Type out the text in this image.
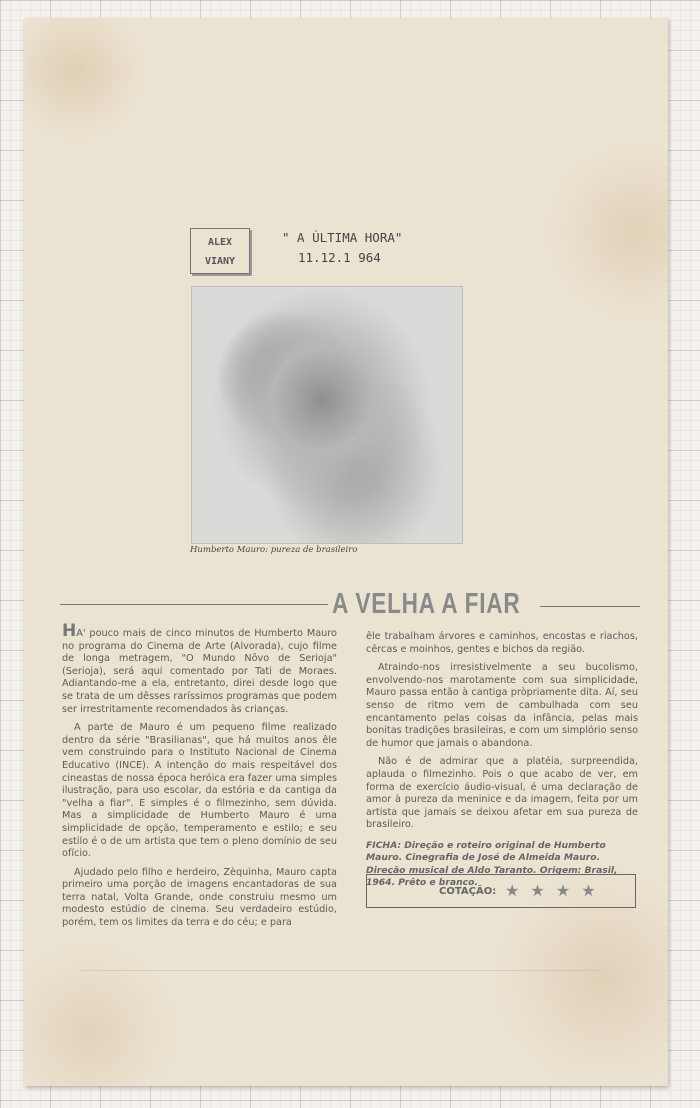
ALEX
VIANY
" A ÚLTIMA HORA"
11.12.1 964
Humberto Mauro: pureza de brasileiro
A VELHA A FIAR

HA' pouco mais de cinco minutos de Humberto Mauro no programa do Cinema de Arte (Alvorada), cujo filme de longa metragem, "O Mundo Nôvo de Serioja" (Serioja), será aqui comentado por Tati de Moraes. Adiantando-me a ela, entretanto, direi desde logo que se trata de um dêsses raríssimos programas que podem ser irrestritamente recomendados às crianças.

A parte de Mauro é um pequeno filme realizado dentro da série "Brasilianas", que há muitos anos êle vem construindo para o Instituto Nacional de Cinema Educativo (INCE). A intenção do mais respeitável dos cineastas de nossa época heróica era fazer uma simples ilustração, para uso escolar, da estória e da cantiga da "velha a fiar". E simples é o filmezinho, sem dúvida. Mas a simplicidade de Humberto Mauro é uma simplicidade de opção, temperamento e estilo; e seu estilo é o de um artista que tem o pleno domínio de seu ofício.

Ajudado pelo filho e herdeiro, Zèquinha, Mauro capta primeiro uma porção de imagens encantadoras de sua terra natal, Volta Grande, onde construiu mesmo um modesto estúdio de cinema. Seu verdadeiro estúdio, porém, tem os limites da terra e do céu; e para

êle trabalham árvores e caminhos, encostas e riachos, cêrcas e moinhos, gentes e bichos da região.

Atraindo-nos irresistivelmente a seu bucolismo, envolvendo-nos marotamente com sua simplicidade, Mauro passa então à cantiga pròpriamente dita. Aí, seu senso de ritmo vem de cambulhada com seu encantamento pelas coisas da infância, pelas mais bonitas tradições brasileiras, e com um simplório senso de humor que jamais o abandona.

Não é de admirar que a platéia, surpreendida, aplauda o filmezinho. Pois o que acabo de ver, em forma de exercício áudio-visual, é uma declaração de amor à pureza da meninice e da imagem, feita por um artista que jamais se deixou afetar em sua pureza de brasileiro.

FICHA: Direção e roteiro original de Humberto Mauro. Cinegrafia de José de Almeida Mauro. Direção musical de Aldo Taranto. Origem: Brasil, 1964. Prêto e branco.
COTAÇÃO: ★ ★ ★ ★
